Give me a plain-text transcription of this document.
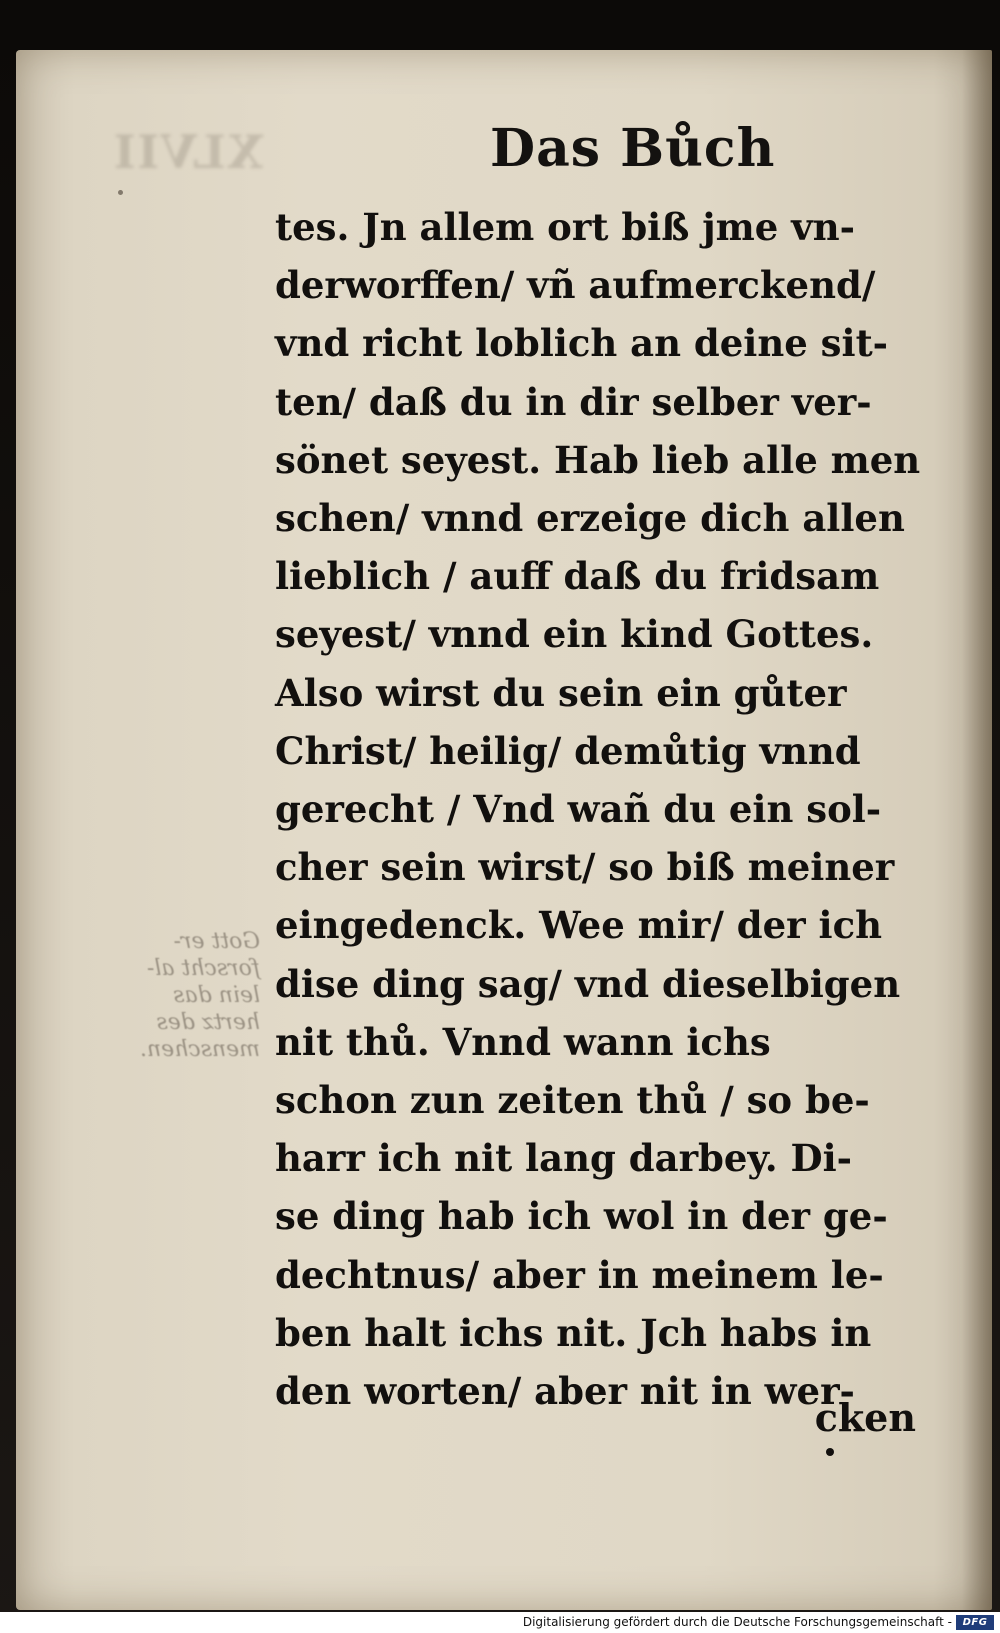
XLVII
Gott er-
forscht al-
lein das
hertz des
menschen.
Das Bůch
tes. Jn allem ort biß jme vn-
derworffen/ vñ aufmerckend/
vnd richt loblich an deine sit-
ten/ daß du in dir selber ver-
sönet seyest. Hab lieb alle men
schen/ vnnd erzeige dich allen
lieblich / auff daß du fridsam
seyest/ vnnd ein kind Gottes.
Also wirst du sein ein gůter
Christ/ heilig/ demůtig vnnd
gerecht / Vnd wañ du ein sol-
cher sein wirst/ so biß meiner
eingedenck. Wee mir/ der ich
dise ding sag/ vnd dieselbigen
nit thů. Vnnd wann ichs
schon zun zeiten thů / so be-
harr ich nit lang darbey. Di-
se ding hab ich wol in der ge-
dechtnus/ aber in meinem le-
ben halt ichs nit. Jch habs in
den worten/ aber nit in wer-
cken
Digitalisierung gefördert durch die Deutsche Forschungsgemeinschaft -	DFG
